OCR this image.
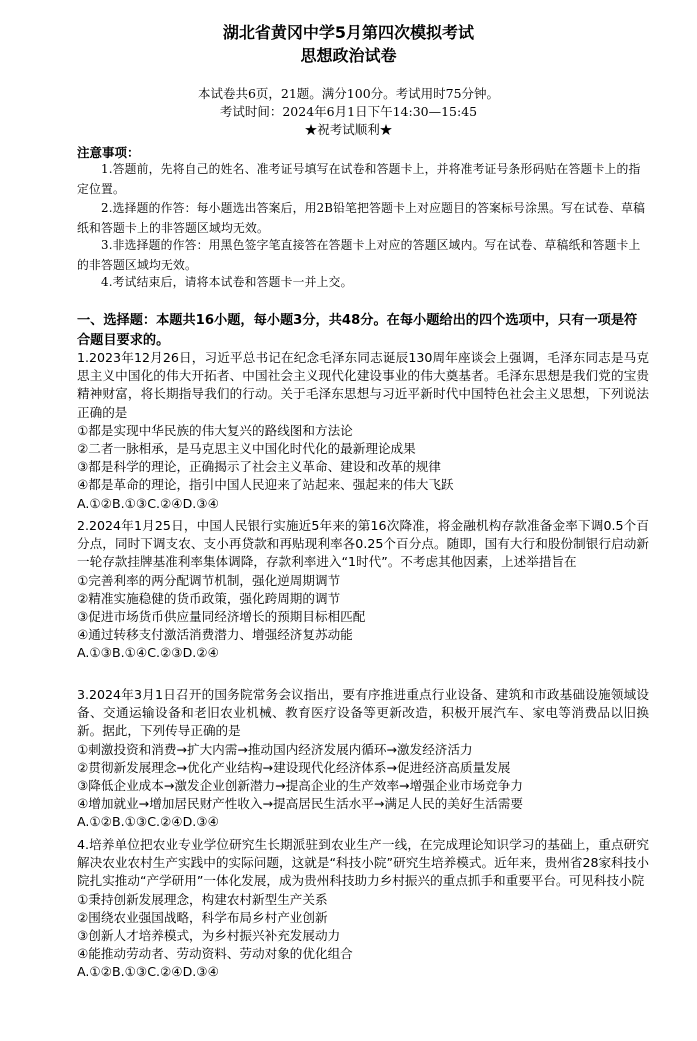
湖北省黄冈中学5月第四次模拟考试
思想政治试卷
本试卷共6页，21题。满分100分。考试用时75分钟。
考试时间：2024年6月1日下午14:30—15:45
★祝考试顺利★
注意事项：
1.答题前，先将自己的姓名、准考证号填写在试卷和答题卡上，并将准考证号条形码贴在答题卡上的指定位置。
2.选择题的作答：每小题选出答案后，用2B铅笔把答题卡上对应题目的答案标号涂黑。写在试卷、草稿纸和答题卡上的非答题区域均无效。
3.非选择题的作答：用黑色签字笔直接答在答题卡上对应的答题区域内。写在试卷、草稿纸和答题卡上的非答题区域均无效。
4.考试结束后，请将本试卷和答题卡一并上交。
一、选择题：本题共16小题，每小题3分，共48分。在每小题给出的四个选项中，只有一项是符合题目要求的。

1.2023年12月26日，习近平总书记在纪念毛泽东同志诞辰130周年座谈会上强调，毛泽东同志是马克思主义中国化的伟大开拓者、中国社会主义现代化建设事业的伟大奠基者。毛泽东思想是我们党的宝贵精神财富，将长期指导我们的行动。关于毛泽东思想与习近平新时代中国特色社会主义思想，下列说法正确的是

①都是实现中华民族的伟大复兴的路线图和方法论

②二者一脉相承，是马克思主义中国化时代化的最新理论成果

③都是科学的理论，正确揭示了社会主义革命、建设和改革的规律

④都是革命的理论，指引中国人民迎来了站起来、强起来的伟大飞跃

A.①②B.①③C.②④D.③④

2.2024年1月25日，中国人民银行实施近5年来的第16次降准，将金融机构存款准备金率下调0.5个百分点，同时下调支农、支小再贷款和再贴现利率各0.25个百分点。随即，国有大行和股份制银行启动新一轮存款挂牌基准利率集体调降，存款利率进入“1时代”。不考虑其他因素，上述举措旨在

①完善利率的两分配调节机制，强化逆周期调节

②精准实施稳健的货币政策，强化跨周期的调节

③促进市场货币供应量同经济增长的预期目标相匹配

④通过转移支付激活消费潜力、增强经济复苏动能

A.①③B.①④C.②③D.②④

3.2024年3月1日召开的国务院常务会议指出，要有序推进重点行业设备、建筑和市政基础设施领域设备、交通运输设备和老旧农业机械、教育医疗设备等更新改造，积极开展汽车、家电等消费品以旧换新。据此，下列传导正确的是

①刺激投资和消费→扩大内需→推动国内经济发展内循环→激发经济活力

②贯彻新发展理念→优化产业结构→建设现代化经济体系→促进经济高质量发展

③降低企业成本→激发企业创新潜力→提高企业的生产效率→增强企业市场竞争力

④增加就业→增加居民财产性收入→提高居民生活水平→满足人民的美好生活需要

A.①②B.①③C.②④D.③④

4.培养单位把农业专业学位研究生长期派驻到农业生产一线，在完成理论知识学习的基础上，重点研究解决农业农村生产实践中的实际问题，这就是“科技小院”研究生培养模式。近年来，贵州省28家科技小院扎实推动“产学研用”一体化发展，成为贵州科技助力乡村振兴的重点抓手和重要平台。可见科技小院

①秉持创新发展理念，构建农村新型生产关系

②围绕农业强国战略，科学布局乡村产业创新

③创新人才培养模式，为乡村振兴补充发展动力

④能推动劳动者、劳动资料、劳动对象的优化组合

A.①②B.①③C.②④D.③④
